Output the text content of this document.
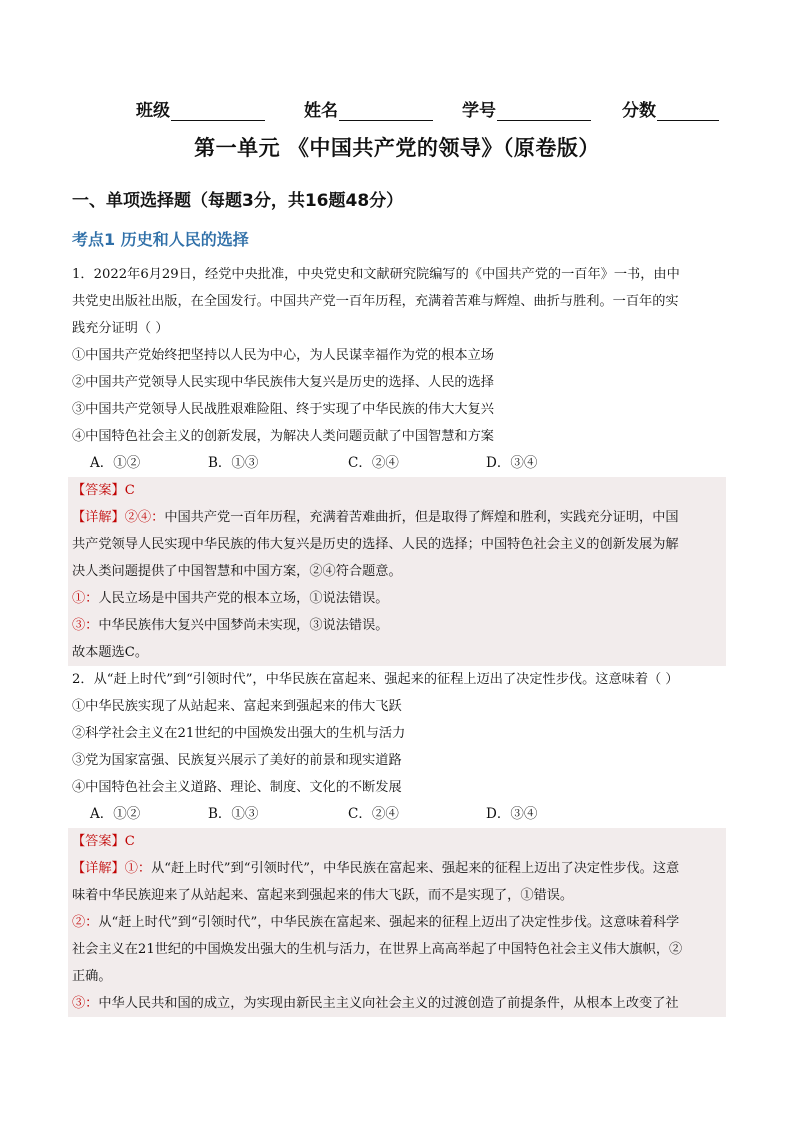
班级	姓名	学号	分数
第一单元 《中国共产党的领导》（原卷版）
一、单项选择题（每题3分，共16题48分）
考点1 历史和人民的选择
1．2022年6月29日，经党中央批准，中央党史和文献研究院编写的《中国共产党的一百年》一书，由中
共党史出版社出版，在全国发行。中国共产党一百年历程，充满着苦难与辉煌、曲折与胜利。一百年的实
践充分证明（ ）
①中国共产党始终把坚持以人民为中心，为人民谋幸福作为党的根本立场
②中国共产党领导人民实现中华民族伟大复兴是历史的选择、人民的选择
③中国共产党领导人民战胜艰难险阻、终于实现了中华民族的伟大大复兴
④中国特色社会主义的创新发展，为解决人类问题贡献了中国智慧和方案
A．①②	B．①③	C．②④	D．③④
【答案】C
【详解】②④：中国共产党一百年历程，充满着苦难曲折，但是取得了辉煌和胜利，实践充分证明，中国
共产党领导人民实现中华民族的伟大复兴是历史的选择、人民的选择；中国特色社会主义的创新发展为解
决人类问题提供了中国智慧和中国方案，②④符合题意。
①：人民立场是中国共产党的根本立场，①说法错误。
③：中华民族伟大复兴中国梦尚未实现，③说法错误。
故本题选C。
2．从“赶上时代”到“引领时代”，中华民族在富起来、强起来的征程上迈出了决定性步伐。这意味着（ ）
①中华民族实现了从站起来、富起来到强起来的伟大飞跃
②科学社会主义在21世纪的中国焕发出强大的生机与活力
③党为国家富强、民族复兴展示了美好的前景和现实道路
④中国特色社会主义道路、理论、制度、文化的不断发展
A．①②	B．①③	C．②④	D．③④
【答案】C
【详解】①：从“赶上时代”到“引领时代”，中华民族在富起来、强起来的征程上迈出了决定性步伐。这意
味着中华民族迎来了从站起来、富起来到强起来的伟大飞跃，而不是实现了，①错误。
②：从“赶上时代”到“引领时代”，中华民族在富起来、强起来的征程上迈出了决定性步伐。这意味着科学
社会主义在21世纪的中国焕发出强大的生机与活力，在世界上高高举起了中国特色社会主义伟大旗帜，②
正确。
③：中华人民共和国的成立，为实现由新民主主义向社会主义的过渡创造了前提条件，从根本上改变了社
